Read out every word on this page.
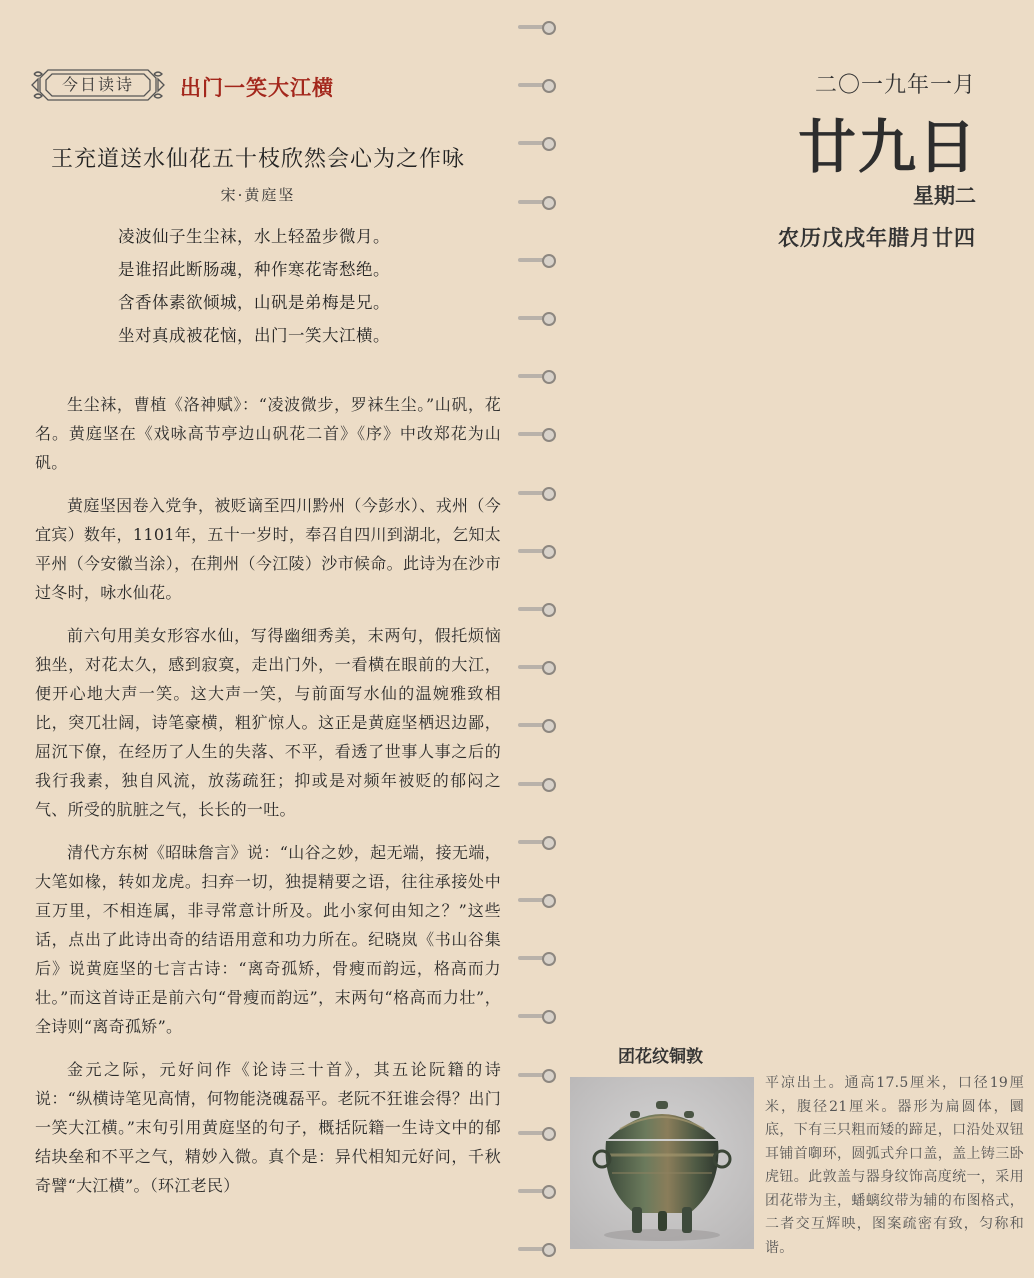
今日读诗	出门一笑大江横
王充道送水仙花五十枝欣然会心为之作咏
宋·黄庭坚
凌波仙子生尘袜，水上轻盈步微月。
是谁招此断肠魂，种作寒花寄愁绝。
含香体素欲倾城，山矾是弟梅是兄。
坐对真成被花恼，出门一笑大江横。

生尘袜，曹植《洛神赋》：“凌波微步，罗袜生尘。”山矾，花名。黄庭坚在《戏咏高节亭边山矾花二首》《序》中改郑花为山矾。

黄庭坚因卷入党争，被贬谪至四川黔州（今彭水）、戎州（今宜宾）数年，1101年，五十一岁时，奉召自四川到湖北，乞知太平州（今安徽当涂），在荆州（今江陵）沙市候命。此诗为在沙市过冬时，咏水仙花。

前六句用美女形容水仙，写得幽细秀美，末两句，假托烦恼独坐，对花太久，感到寂寞，走出门外，一看横在眼前的大江，便开心地大声一笑。这大声一笑，与前面写水仙的温婉雅致相比，突兀壮阔，诗笔豪横，粗犷惊人。这正是黄庭坚栖迟边鄙，屈沉下僚，在经历了人生的失落、不平，看透了世事人事之后的我行我素，独自风流，放荡疏狂；抑或是对频年被贬的郁闷之气、所受的肮脏之气，长长的一吐。

清代方东树《昭昧詹言》说：“山谷之妙，起无端，接无端，大笔如椽，转如龙虎。扫弃一切，独提精要之语，往往承接处中亘万里，不相连属，非寻常意计所及。此小家何由知之？”这些话，点出了此诗出奇的结语用意和功力所在。纪晓岚《书山谷集后》说黄庭坚的七言古诗：“离奇孤矫，骨瘦而韵远，格高而力壮。”而这首诗正是前六句“骨瘦而韵远”，末两句“格高而力壮”，全诗则“离奇孤矫”。

金元之际，元好问作《论诗三十首》，其五论阮籍的诗说：“纵横诗笔见高情，何物能浇磈磊平。老阮不狂谁会得？出门一笑大江横。”末句引用黄庭坚的句子，概括阮籍一生诗文中的郁结块垒和不平之气，精妙入微。真个是：异代相知元好问，千秋奇譬“大江横”。（环江老民）

二〇一九年一月
廿九日
星期二
农历戊戌年腊月廿四
团花纹铜敦
平凉出土。通高17.5厘米，口径19厘米，腹径21厘米。器形为扁圆体，圜底，下有三只粗而矮的蹄足，口沿处双钮耳铺首啣环，圆弧式弁口盖，盖上铸三卧虎钮。此敦盖与器身纹饰高度统一，采用团花带为主，蟠螭纹带为辅的布图格式，二者交互辉映，图案疏密有致，匀称和谐。
